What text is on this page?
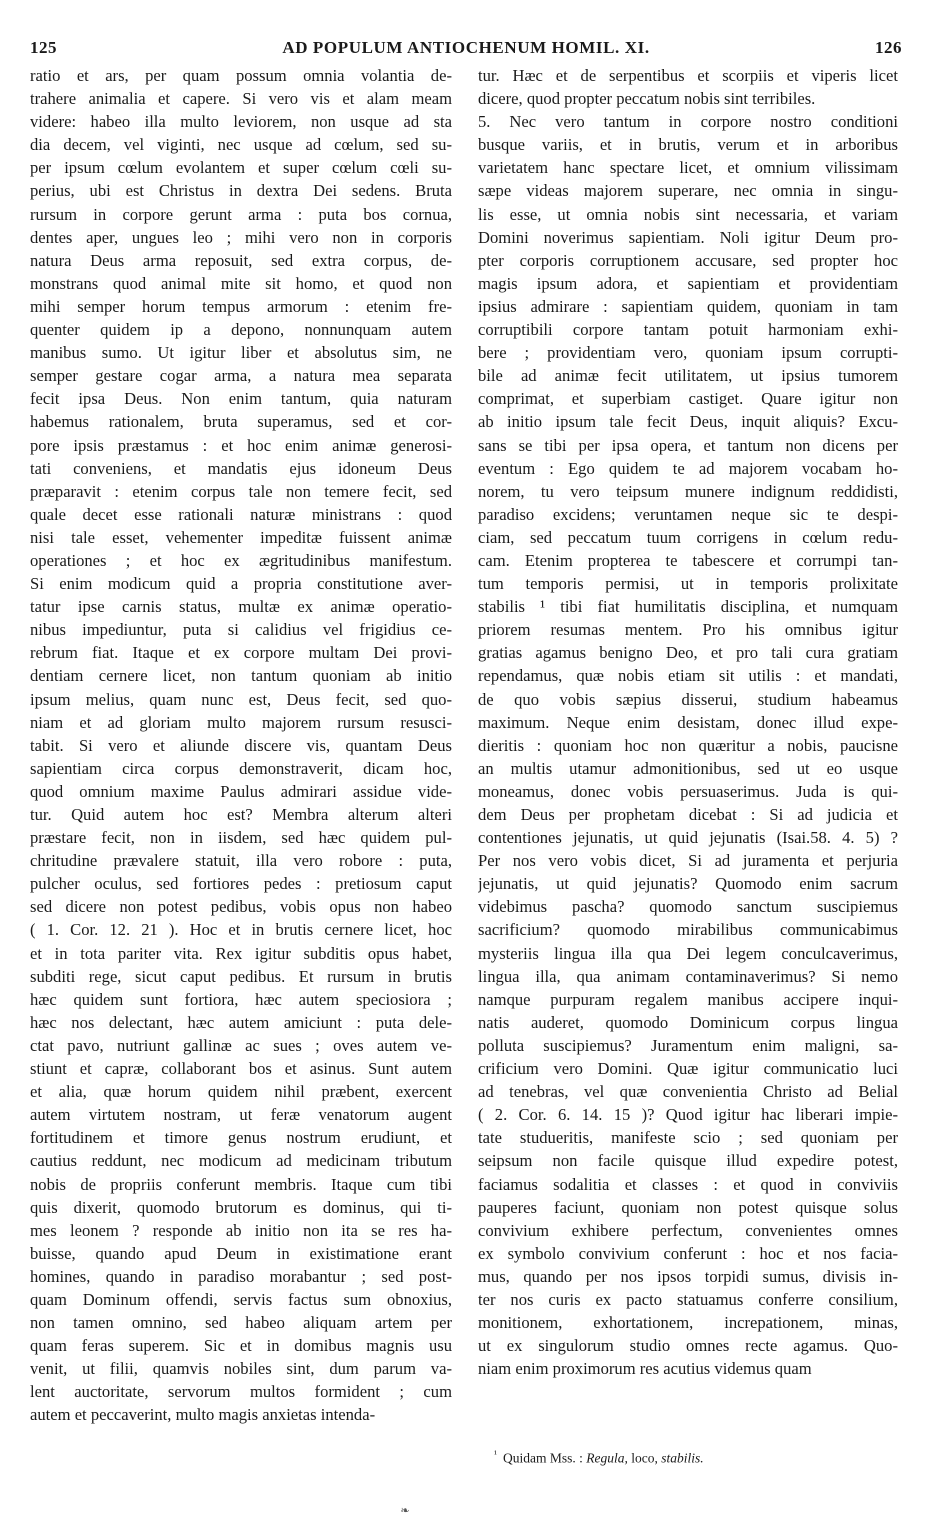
125	AD POPULUM ANTIOCHENUM HOMIL. XI.	126
ratio et ars, per quam possum omnia volantia de-
trahere animalia et capere. Si vero vis et alam meam
videre: habeo illa multo leviorem, non usque ad sta
dia decem, vel viginti, nec usque ad cœlum, sed su-
per ipsum cœlum evolantem et super cœlum cœli su-
perius, ubi est Christus in dextra Dei sedens. Bruta
rursum in corpore gerunt arma : puta bos cornua,
dentes aper, ungues leo ; mihi vero non in corporis
natura Deus arma reposuit, sed extra corpus, de-
monstrans quod animal mite sit homo, et quod non
mihi semper horum tempus armorum : etenim fre-
quenter quidem ip a depono, nonnunquam autem
manibus sumo. Ut igitur liber et absolutus sim, ne
semper gestare cogar arma, a natura mea separata
fecit ipsa Deus. Non enim tantum, quia naturam
habemus rationalem, bruta superamus, sed et cor-
pore ipsis præstamus : et hoc enim animæ generosi-
tati conveniens, et mandatis ejus idoneum Deus
præparavit : etenim corpus tale non temere fecit, sed
quale decet esse rationali naturæ ministrans : quod
nisi tale esset, vehementer impeditæ fuissent animæ
operationes ; et hoc ex ægritudinibus manifestum.
Si enim modicum quid a propria constitutione aver-
tatur ipse carnis status, multæ ex animæ operatio-
nibus impediuntur, puta si calidius vel frigidius ce-
rebrum fiat. Itaque et ex corpore multam Dei provi-
dentiam cernere licet, non tantum quoniam ab initio
ipsum melius, quam nunc est, Deus fecit, sed quo-
niam et ad gloriam multo majorem rursum resusci-
tabit. Si vero et aliunde discere vis, quantam Deus
sapientiam circa corpus demonstraverit, dicam hoc,
quod omnium maxime Paulus admirari assidue vide-
tur. Quid autem hoc est? Membra alterum alteri
præstare fecit, non in iisdem, sed hæc quidem pul-
chritudine prævalere statuit, illa vero robore : puta,
pulcher oculus, sed fortiores pedes : pretiosum caput
sed dicere non potest pedibus, vobis opus non habeo
( 1. Cor. 12. 21 ). Hoc et in brutis cernere licet, hoc
et in tota pariter vita. Rex igitur subditis opus habet,
subditi rege, sicut caput pedibus. Et rursum in brutis
hæc quidem sunt fortiora, hæc autem speciosiora ;
hæc nos delectant, hæc autem amiciunt : puta dele-
ctat pavo, nutriunt gallinæ ac sues ; oves autem ve-
stiunt et capræ, collaborant bos et asinus. Sunt autem
et alia, quæ horum quidem nihil præbent, exercent
autem virtutem nostram, ut feræ venatorum augent
fortitudinem et timore genus nostrum erudiunt, et
cautius reddunt, nec modicum ad medicinam tributum
nobis de propriis conferunt membris. Itaque cum tibi
quis dixerit, quomodo brutorum es dominus, qui ti-
mes leonem ? responde ab initio non ita se res ha-
buisse, quando apud Deum in existimatione erant
homines, quando in paradiso morabantur ; sed post-
quam Dominum offendi, servis factus sum obnoxius,
non tamen omnino, sed habeo aliquam artem per
quam feras superem. Sic et in domibus magnis usu
venit, ut filii, quamvis nobiles sint, dum parum va-
lent auctoritate, servorum multos formident ; cum
autem et peccaverint, multo magis anxietas intenda-
tur. Hæc et de serpentibus et scorpiis et viperis licet
dicere, quod propter peccatum nobis sint terribiles.
5. Nec vero tantum in corpore nostro conditioni
busque variis, et in brutis, verum et in arboribus
varietatem hanc spectare licet, et omnium vilissimam
sæpe videas majorem superare, nec omnia in singu-
lis esse, ut omnia nobis sint necessaria, et variam
Domini noverimus sapientiam. Noli igitur Deum pro-
pter corporis corruptionem accusare, sed propter hoc
magis ipsum adora, et sapientiam et providentiam
ipsius admirare : sapientiam quidem, quoniam in tam
corruptibili corpore tantam potuit harmoniam exhi-
bere ; providentiam vero, quoniam ipsum corrupti-
bile ad animæ fecit utilitatem, ut ipsius tumorem
comprimat, et superbiam castiget. Quare igitur non
ab initio ipsum tale fecit Deus, inquit aliquis? Excu-
sans se tibi per ipsa opera, et tantum non dicens per
eventum : Ego quidem te ad majorem vocabam ho-
norem, tu vero teipsum munere indignum reddidisti,
paradiso excidens; veruntamen neque sic te despi-
ciam, sed peccatum tuum corrigens in cœlum redu-
cam. Etenim propterea te tabescere et corrumpi tan-
tum temporis permisi, ut in temporis prolixitate
stabilis ¹ tibi fiat humilitatis disciplina, et numquam
priorem resumas mentem. Pro his omnibus igitur
gratias agamus benigno Deo, et pro tali cura gratiam
rependamus, quæ nobis etiam sit utilis : et mandati,
de quo vobis sæpius disserui, studium habeamus
maximum. Neque enim desistam, donec illud expe-
dieritis : quoniam hoc non quæritur a nobis, paucisne
an multis utamur admonitionibus, sed ut eo usque
moneamus, donec vobis persuaserimus. Juda is qui-
dem Deus per prophetam dicebat : Si ad judicia et
contentiones jejunatis, ut quid jejunatis (Isai.58. 4. 5) ?
Per nos vero vobis dicet, Si ad juramenta et perjuria
jejunatis, ut quid jejunatis? Quomodo enim sacrum
videbimus pascha? quomodo sanctum suscipiemus
sacrificium? quomodo mirabilibus communicabimus
mysteriis lingua illa qua Dei legem conculcaverimus,
lingua illa, qua animam contaminaverimus? Si nemo
namque purpuram regalem manibus accipere inqui-
natis auderet, quomodo Dominicum corpus lingua
polluta suscipiemus? Juramentum enim maligni, sa-
crificium vero Domini. Quæ igitur communicatio luci
ad tenebras, vel quæ convenientia Christo ad Belial
( 2. Cor. 6. 14. 15 )? Quod igitur hac liberari impie-
tate studueritis, manifeste scio ; sed quoniam per
seipsum non facile quisque illud expedire potest,
faciamus sodalitia et classes : et quod in conviviis
pauperes faciunt, quoniam non potest quisque solus
convivium exhibere perfectum, convenientes omnes
ex symbolo convivium conferunt : hoc et nos facia-
mus, quando per nos ipsos torpidi sumus, divisis in-
ter nos curis ex pacto statuamus conferre consilium,
monitionem, exhortationem, increpationem, minas,
ut ex singulorum studio omnes recte agamus. Quo-
niam enim proximorum res acutius videmus quam
$^{^1}$ Quidam Mss. : Regula, loco, stabilis.
❧
